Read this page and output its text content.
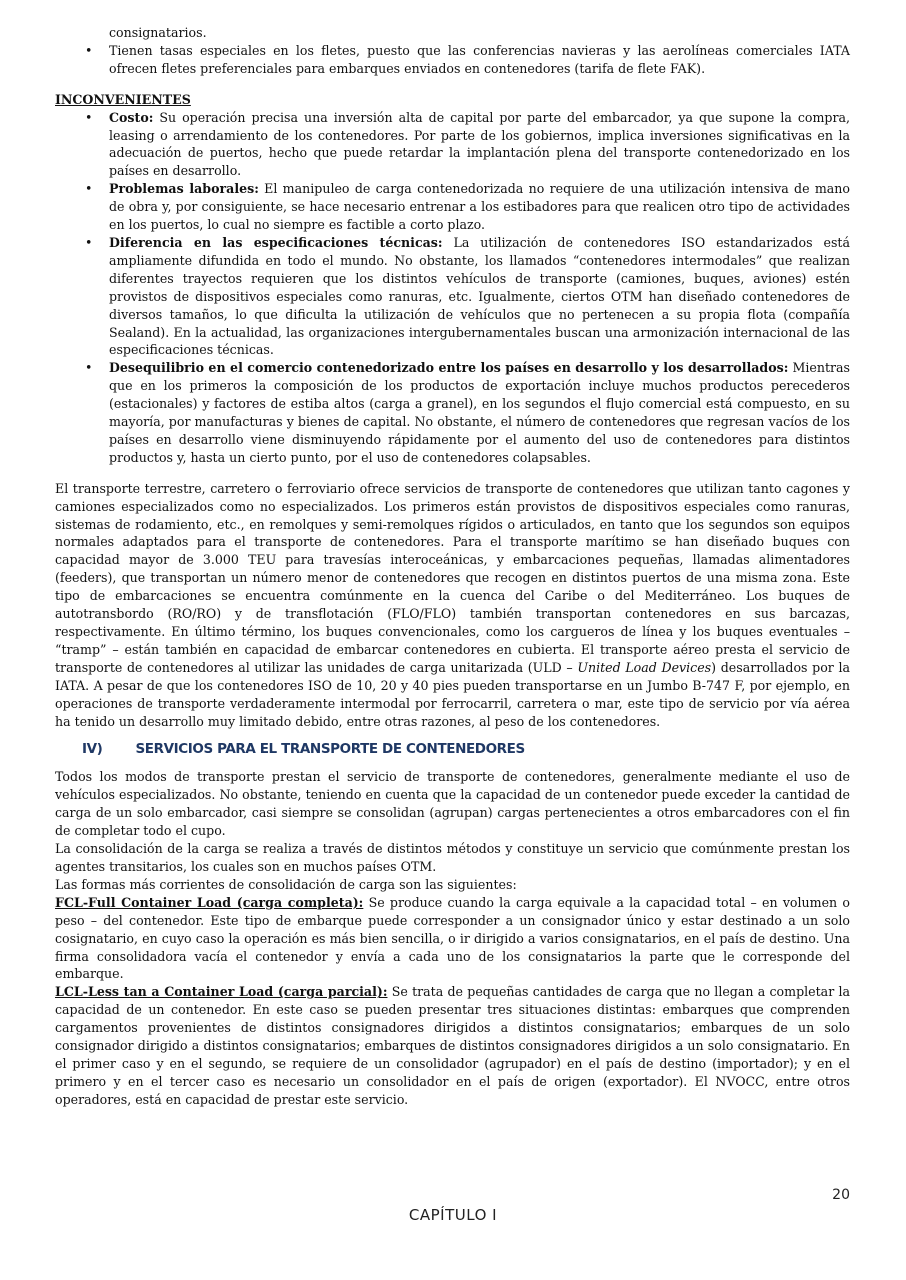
consignatarios.

• Tienen tasas especiales en los fletes, puesto que las conferencias navieras y las aerolíneas comerciales IATA ofrecen fletes preferenciales para embarques enviados en contenedores (tarifa de flete FAK).

INCONVENIENTES

• Costo: Su operación precisa una inversión alta de capital por parte del embarcador, ya que supone la compra, leasing o arrendamiento de los contenedores. Por parte de los gobiernos, implica inversiones significativas en la adecuación de puertos, hecho que puede retardar la implantación plena del transporte contenedorizado en los países en desarrollo.
• Problemas laborales: El manipuleo de carga contenedorizada no requiere de una utilización intensiva de mano de obra y, por consiguiente, se hace necesario entrenar a los estibadores para que realicen otro tipo de actividades en los puertos, lo cual no siempre es factible a corto plazo.
• Diferencia en las especificaciones técnicas: La utilización de contenedores ISO estandarizados está ampliamente difundida en todo el mundo. No obstante, los llamados “contenedores intermodales” que realizan diferentes trayectos requieren que los distintos vehículos de transporte (camiones, buques, aviones) estén provistos de dispositivos especiales como ranuras, etc. Igualmente, ciertos OTM han diseñado contenedores de diversos tamaños, lo que dificulta la utilización de vehículos que no pertenecen a su propia flota (compañía Sealand). En la actualidad, las organizaciones intergubernamentales buscan una armonización internacional de las especificaciones técnicas.
• Desequilibrio en el comercio contenedorizado entre los países en desarrollo y los desarrollados: Mientras que en los primeros la composición de los productos de exportación incluye muchos productos perecederos (estacionales) y factores de estiba altos (carga a granel), en los segundos el flujo comercial está compuesto, en su mayoría, por manufacturas y bienes de capital. No obstante, el número de contenedores que regresan vacíos de los países en desarrollo viene disminuyendo rápidamente por el aumento del uso de contenedores para distintos productos y, hasta un cierto punto, por el uso de contenedores colapsables.

El transporte terrestre, carretero o ferroviario ofrece servicios de transporte de contenedores que utilizan tanto cagones y camiones especializados como no especializados. Los primeros están provistos de dispositivos especiales como ranuras, sistemas de rodamiento, etc., en remolques y semi-remolques rígidos o articulados, en tanto que los segundos son equipos normales adaptados para el transporte de contenedores. Para el transporte marítimo se han diseñado buques con capacidad mayor de 3.000 TEU para travesías interoceánicas, y embarcaciones pequeñas, llamadas alimentadores (feeders), que transportan un número menor de contenedores que recogen en distintos puertos de una misma zona. Este tipo de embarcaciones se encuentra comúnmente en la cuenca del Caribe o del Mediterráneo. Los buques de autotransbordo (RO/RO) y de transflotación (FLO/FLO) también transportan contenedores en sus barcazas, respectivamente. En último término, los buques convencionales, como los cargueros de línea y los buques eventuales – “tramp” – están también en capacidad de embarcar contenedores en cubierta. El transporte aéreo presta el servicio de transporte de contenedores al utilizar las unidades de carga unitarizada (ULD – United Load Devices) desarrollados por la IATA. A pesar de que los contenedores ISO de 10, 20 y 40 pies pueden transportarse en un Jumbo B-747 F, por ejemplo, en operaciones de transporte verdaderamente intermodal por ferrocarril, carretera o mar, este tipo de servicio por vía aérea ha tenido un desarrollo muy limitado debido, entre otras razones, al peso de los contenedores.

IV) SERVICIOS PARA EL TRANSPORTE DE CONTENEDORES

Todos los modos de transporte prestan el servicio de transporte de contenedores, generalmente mediante el uso de vehículos especializados. No obstante, teniendo en cuenta que la capacidad de un contenedor puede exceder la cantidad de carga de un solo embarcador, casi siempre se consolidan (agrupan) cargas pertenecientes a otros embarcadores con el fin de completar todo el cupo.

La consolidación de la carga se realiza a través de distintos métodos y constituye un servicio que comúnmente prestan los agentes transitarios, los cuales son en muchos países OTM.

Las formas más corrientes de consolidación de carga son las siguientes:

FCL-Full Container Load (carga completa): Se produce cuando la carga equivale a la capacidad total – en volumen o peso – del contenedor. Este tipo de embarque puede corresponder a un consignador único y estar destinado a un solo cosignatario, en cuyo caso la operación es más bien sencilla, o ir dirigido a varios consignatarios, en el país de destino. Una firma consolidadora vacía el contenedor y envía a cada uno de los consignatarios la parte que le corresponde del embarque.

LCL-Less tan a Container Load (carga parcial): Se trata de pequeñas cantidades de carga que no llegan a completar la capacidad de un contenedor. En este caso se pueden presentar tres situaciones distintas: embarques que comprenden cargamentos provenientes de distintos consignadores dirigidos a distintos consignatarios; embarques de un solo consignador dirigido a distintos consignatarios; embarques de distintos consignadores dirigidos a un solo consignatario. En el primer caso y en el segundo, se requiere de un consolidador (agrupador) en el país de destino (importador); y en el primero y en el tercer caso es necesario un consolidador en el país de origen (exportador). El NVOCC, entre otros operadores, está en capacidad de prestar este servicio.

20
CAPÍTULO I
